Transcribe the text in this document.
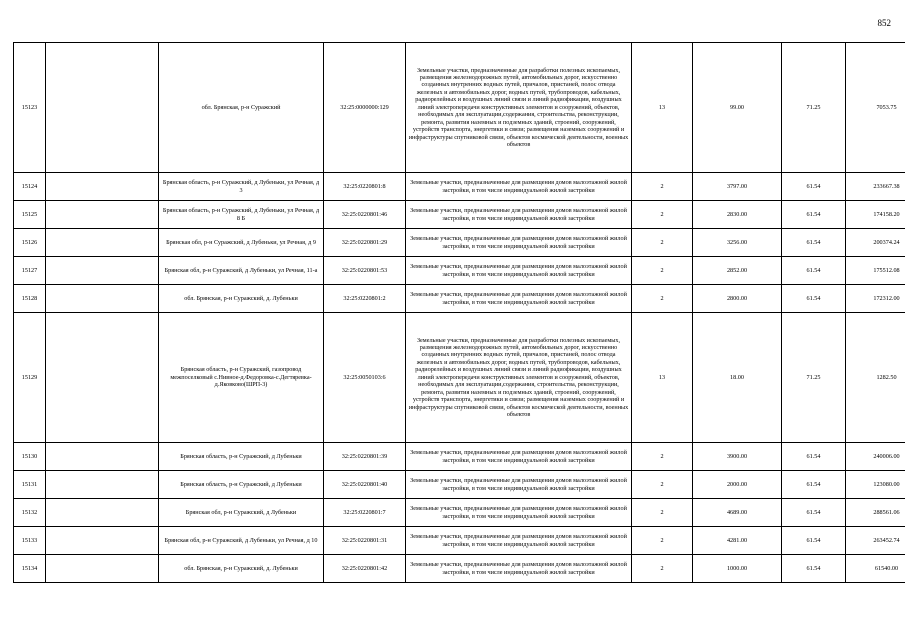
852
15123		обл. Брянская, р-н Суражский	32:25:0000000:129	Земельные участки, предназначенные для разработки полезных ископаемых, размещения железнодорожных путей, автомобильных дорог, искусственно созданных внутренних водных путей, причалов, пристаней, полос отвода железных и автомобильных дорог, водных путей, трубопроводов, кабельных, радиорелейных и воздушных линий связи и линий радиофикации, воздушных линий электропередачи конструктивных элементов и сооружений, объектов, необходимых для эксплуатации,содержания, строительства, реконструкции, ремонта, развития наземных и подземных зданий, строений, сооружений, устройств транспорта, энергетики и связи; размещения наземных сооружений и инфраструктуры спутниковой связи, объектов космической деятельности, военных объектов	13	99.00	71.25	7053.75
15124		Брянская область, р-н Суражский, д Лубеньки, ул Речная, д 3	32:25:0220801:8	Земельные участки, предназначенные для размещения домов малоэтажной жилой застройки, в том числе индивидуальной жилой застройки	2	3797.00	61.54	233667.38
15125		Брянская область, р-н Суражский, д Лубеньки, ул Речная, д 8 Б	32:25:0220801:46	Земельные участки, предназначенные для размещения домов малоэтажной жилой застройки, в том числе индивидуальной жилой застройки	2	2830.00	61.54	174158.20
15126		Брянская обл, р-н Суражский, д Лубеньки, ул Речная, д 9	32:25:0220801:29	Земельные участки, предназначенные для размещения домов малоэтажной жилой застройки, в том числе индивидуальной жилой застройки	2	3256.00	61.54	200374.24
15127		Брянская обл, р-н Суражский, д Лубеньки, ул Речная, 11-а	32:25:0220801:53	Земельные участки, предназначенные для размещения домов малоэтажной жилой застройки, в том числе индивидуальной жилой застройки	2	2852.00	61.54	175512.08
15128		обл. Брянская, р-н Суражский, д. Лубеньки	32:25:0220801:2	Земельные участки, предназначенные для размещения домов малоэтажной жилой застройки, в том числе индивидуальной жилой застройки	2	2800.00	61.54	172312.00
15129		Брянская область, р-н Суражский, газопровод межпоселковый с.Нивное-д.Федоровка-с.Дегтяревка-д.Яковково(ШРП-3)	32:25:0050103:6	Земельные участки, предназначенные для разработки полезных ископаемых, размещения железнодорожных путей, автомобильных дорог, искусственно созданных внутренних водных путей, причалов, пристаней, полос отвода железных и автомобильных дорог, водных путей, трубопроводов, кабельных, радиорелейных и воздушных линий связи и линий радиофикации, воздушных линий электропередачи конструктивных элементов и сооружений, объектов, необходимых для эксплуатации,содержания, строительства, реконструкции, ремонта, развития наземных и подземных зданий, строений, сооружений, устройств транспорта, энергетики и связи; размещения наземных сооружений и инфраструктуры спутниковой связи, объектов космической деятельности, военных объектов	13	18.00	71.25	1282.50
15130		Брянская область, р-н Суражский, д Лубеньки	32:25:0220801:39	Земельные участки, предназначенные для размещения домов малоэтажной жилой застройки, в том числе индивидуальной жилой застройки	2	3900.00	61.54	240006.00
15131		Брянская область, р-н Суражский, д Лубеньки	32:25:0220801:40	Земельные участки, предназначенные для размещения домов малоэтажной жилой застройки, в том числе индивидуальной жилой застройки	2	2000.00	61.54	123080.00
15132		Брянская обл, р-н Суражский, д Лубеньки	32:25:0220801:7	Земельные участки, предназначенные для размещения домов малоэтажной жилой застройки, в том числе индивидуальной жилой застройки	2	4689.00	61.54	288561.06
15133		Брянская обл, р-н Суражский, д Лубеньки, ул Речная, д 10	32:25:0220801:31	Земельные участки, предназначенные для размещения домов малоэтажной жилой застройки, в том числе индивидуальной жилой застройки	2	4281.00	61.54	263452.74
15134		обл. Брянская, р-н Суражский, д. Лубеньки	32:25:0220801:42	Земельные участки, предназначенные для размещения домов малоэтажной жилой застройки, в том числе индивидуальной жилой застройки	2	1000.00	61.54	61540.00
